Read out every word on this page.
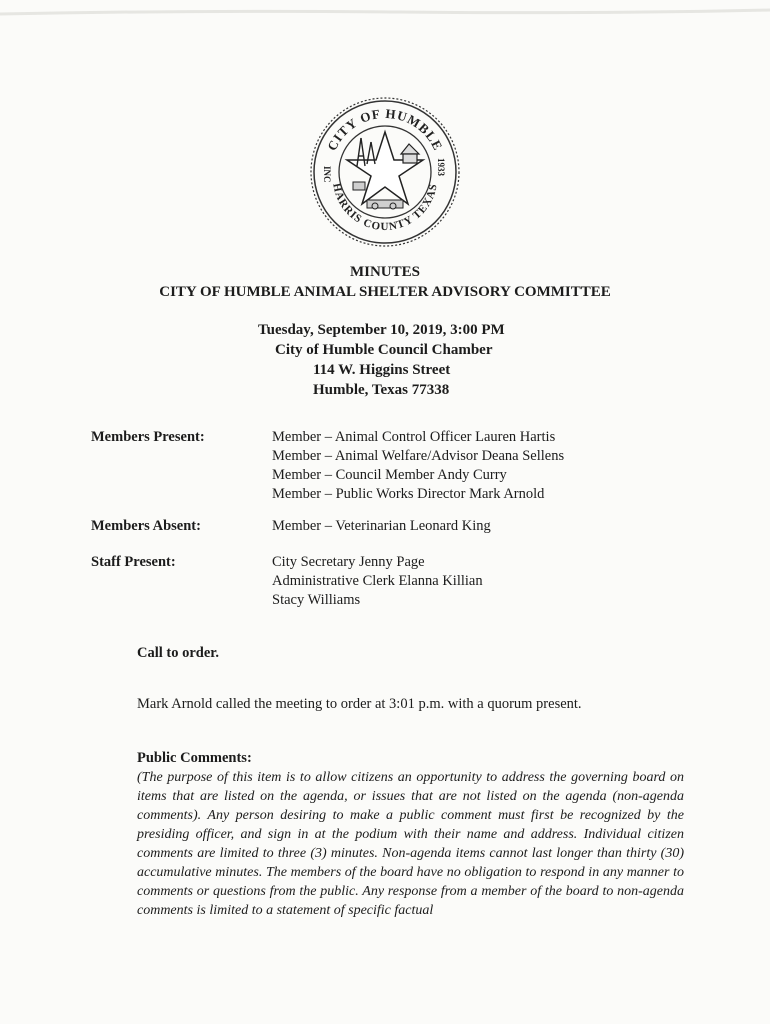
CITY OF HUMBLE
HARRIS COUNTY TEXAS
INC	1933
MINUTES
CITY OF HUMBLE ANIMAL SHELTER ADVISORY COMMITTEE
Tuesday, September 10, 2019, 3:00 PM
City of Humble Council Chamber
114 W. Higgins Street
Humble, Texas 77338
Members Present:	Member – Animal Control Officer Lauren Hartis
Member – Animal Welfare/Advisor Deana Sellens
Member – Council Member Andy Curry
Member – Public Works Director Mark Arnold
Members Absent:	Member – Veterinarian Leonard King
Staff Present:	City Secretary Jenny Page
Administrative Clerk Elanna Killian
Stacy Williams
Call to order.
Mark Arnold called the meeting to order at 3:01 p.m. with a quorum present.
Public Comments:
(The purpose of this item is to allow citizens an opportunity to address the governing board on items that are listed on the agenda, or issues that are not listed on the agenda (non-agenda comments). Any person desiring to make a public comment must first be recognized by the presiding officer, and sign in at the podium with their name and address. Individual citizen comments are limited to three (3) minutes. Non-agenda items cannot last longer than thirty (30) accumulative minutes. The members of the board have no obligation to respond in any manner to comments or questions from the public. Any response from a member of the board to non-agenda comments is limited to a statement of specific factual
